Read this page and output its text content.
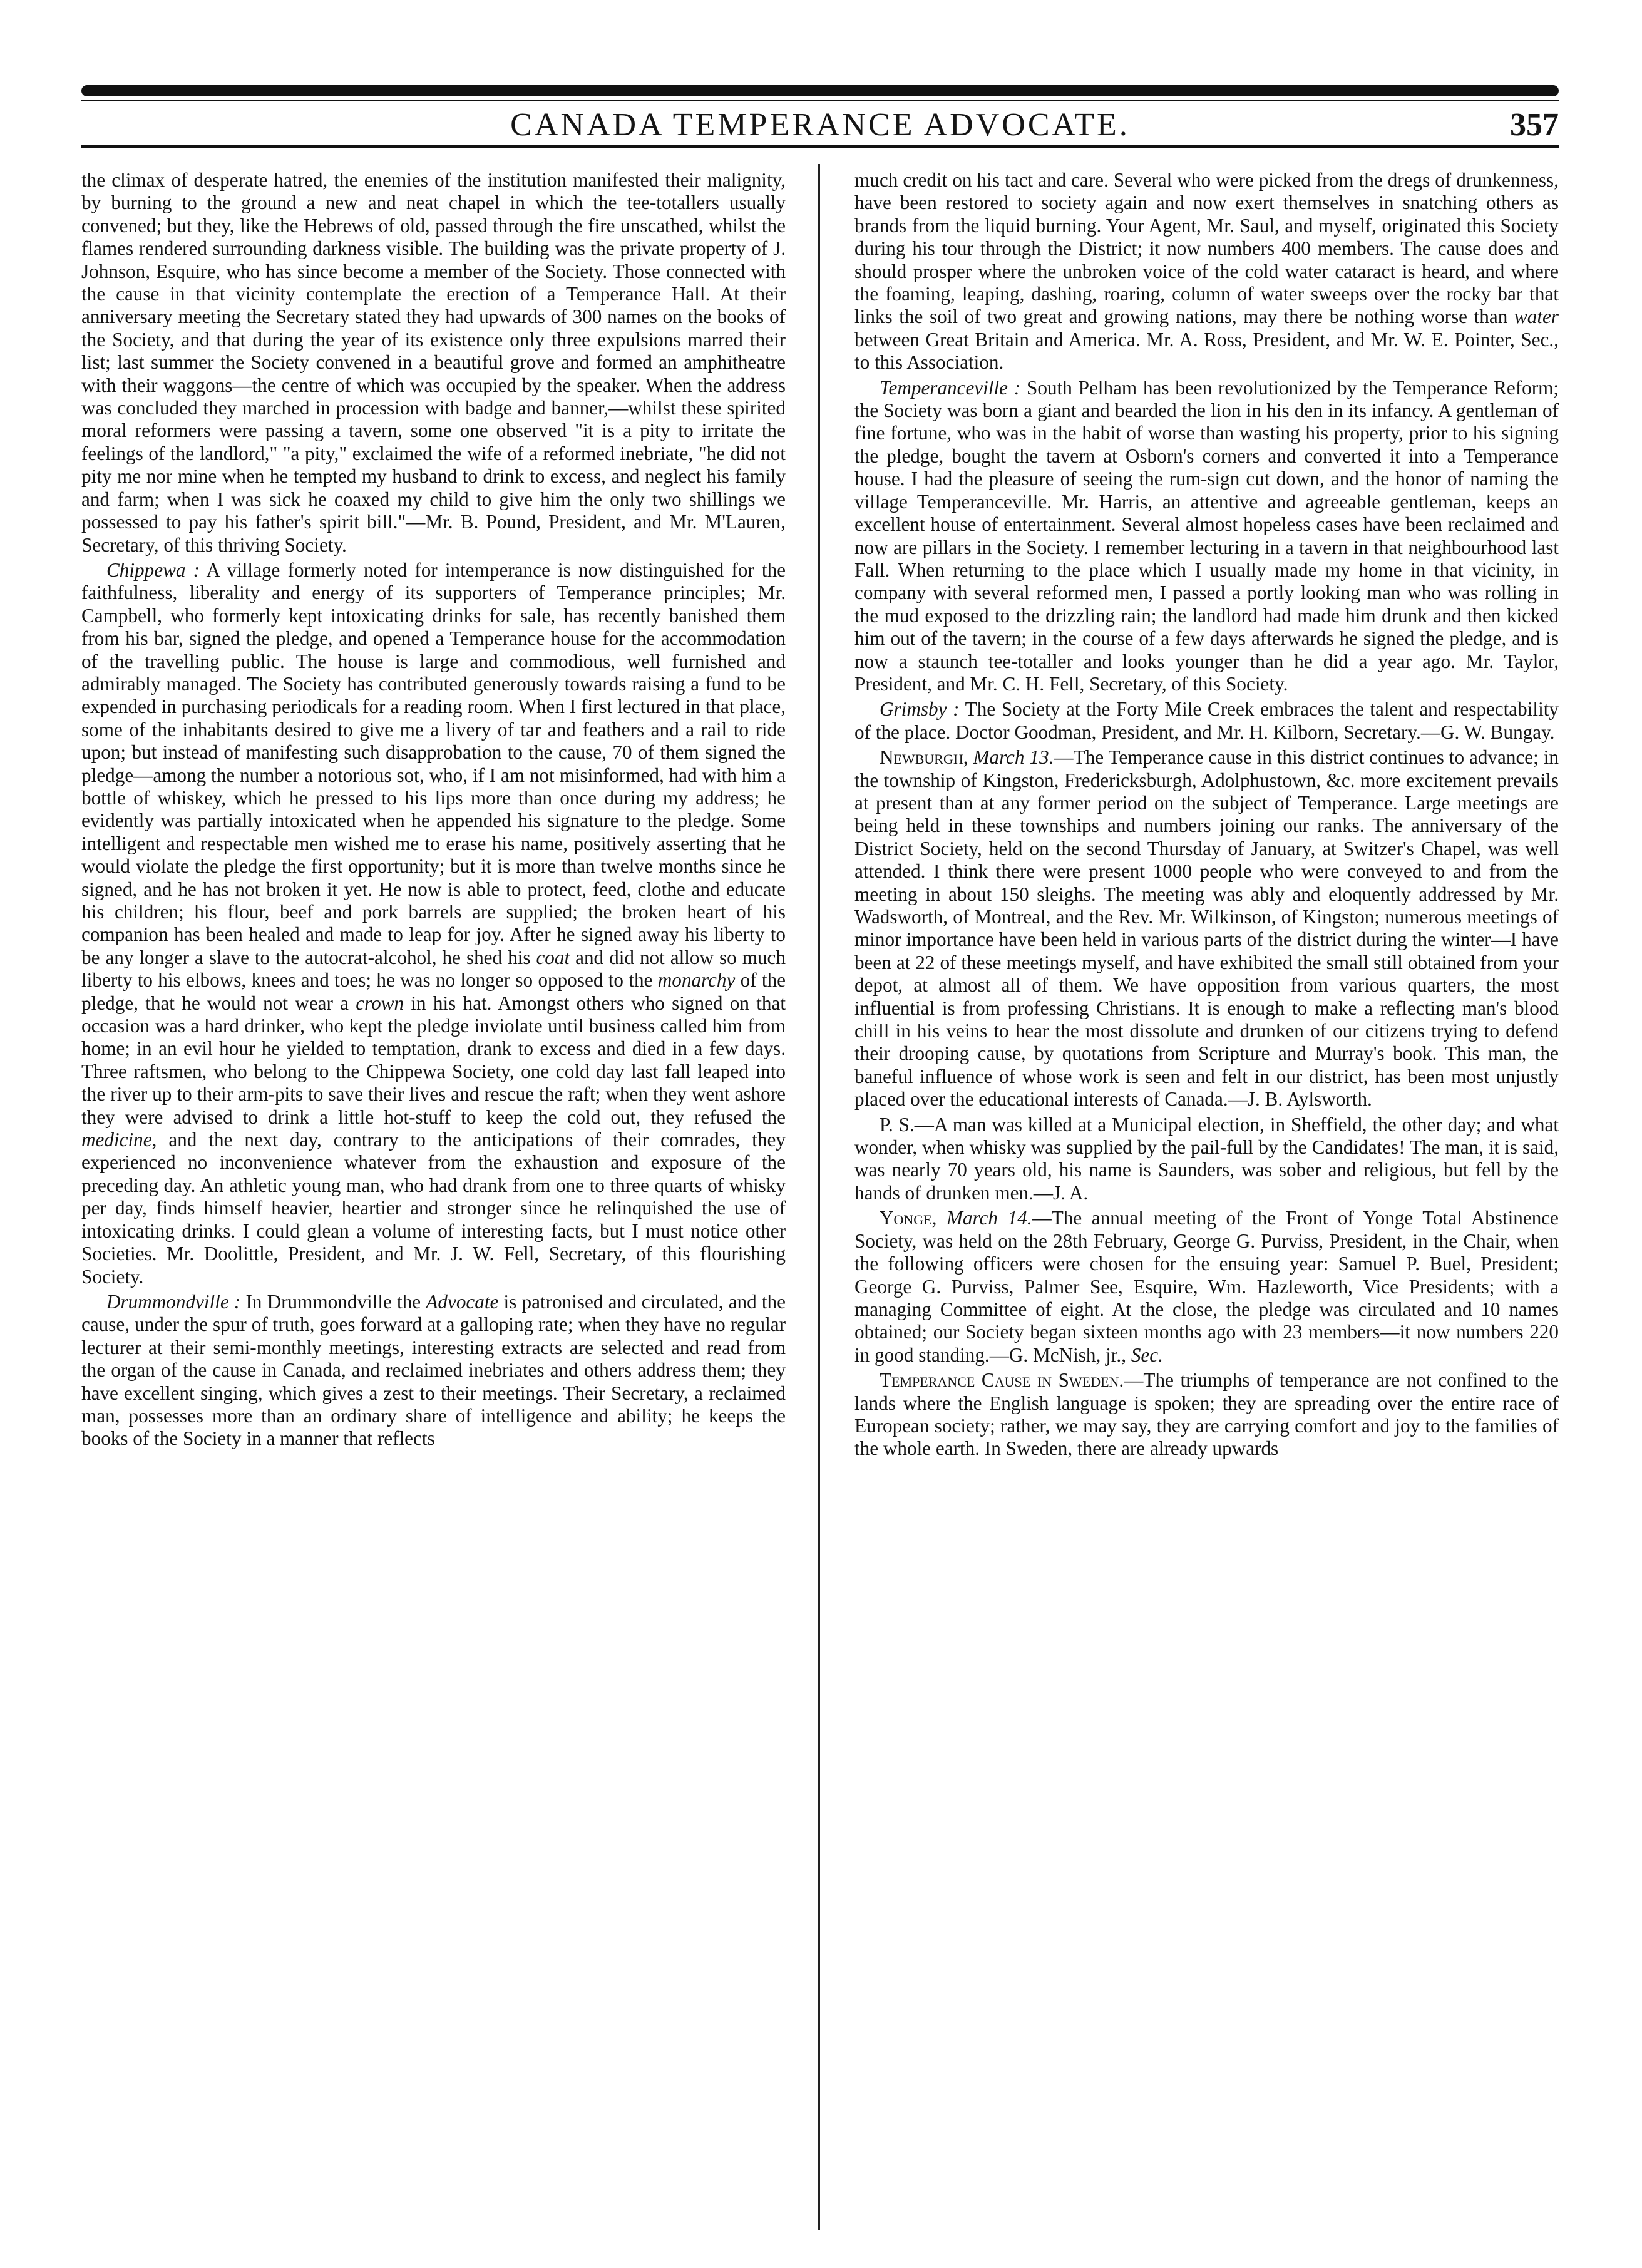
CANADA TEMPERANCE ADVOCATE.	357

the climax of desperate hatred, the enemies of the institution manifested their malignity, by burning to the ground a new and neat chapel in which the tee-totallers usually convened; but they, like the Hebrews of old, passed through the fire unscathed, whilst the flames rendered surrounding darkness visible. The building was the private property of J. Johnson, Esquire, who has since become a member of the Society. Those connected with the cause in that vicinity contemplate the erection of a Temperance Hall. At their anniversary meeting the Secretary stated they had upwards of 300 names on the books of the Society, and that during the year of its existence only three expulsions marred their list; last summer the Society convened in a beautiful grove and formed an amphitheatre with their waggons—the centre of which was occupied by the speaker. When the address was concluded they marched in procession with badge and banner,—whilst these spirited moral reformers were passing a tavern, some one observed "it is a pity to irritate the feelings of the landlord," "a pity," exclaimed the wife of a reformed inebriate, "he did not pity me nor mine when he tempted my husband to drink to excess, and neglect his family and farm; when I was sick he coaxed my child to give him the only two shillings we possessed to pay his father's spirit bill."—Mr. B. Pound, President, and Mr. M'Lauren, Secretary, of this thriving Society.

Chippewa : A village formerly noted for intemperance is now distinguished for the faithfulness, liberality and energy of its supporters of Temperance principles; Mr. Campbell, who formerly kept intoxicating drinks for sale, has recently banished them from his bar, signed the pledge, and opened a Temperance house for the accommodation of the travelling public. The house is large and commodious, well furnished and admirably managed. The Society has contributed generously towards raising a fund to be expended in purchasing periodicals for a reading room. When I first lectured in that place, some of the inhabitants desired to give me a livery of tar and feathers and a rail to ride upon; but instead of manifesting such disapprobation to the cause, 70 of them signed the pledge—among the number a notorious sot, who, if I am not misinformed, had with him a bottle of whiskey, which he pressed to his lips more than once during my address; he evidently was partially intoxicated when he appended his signature to the pledge. Some intelligent and respectable men wished me to erase his name, positively asserting that he would violate the pledge the first opportunity; but it is more than twelve months since he signed, and he has not broken it yet. He now is able to protect, feed, clothe and educate his children; his flour, beef and pork barrels are supplied; the broken heart of his companion has been healed and made to leap for joy. After he signed away his liberty to be any longer a slave to the autocrat-alcohol, he shed his coat and did not allow so much liberty to his elbows, knees and toes; he was no longer so opposed to the monarchy of the pledge, that he would not wear a crown in his hat. Amongst others who signed on that occasion was a hard drinker, who kept the pledge inviolate until business called him from home; in an evil hour he yielded to temptation, drank to excess and died in a few days. Three raftsmen, who belong to the Chippewa Society, one cold day last fall leaped into the river up to their arm-pits to save their lives and rescue the raft; when they went ashore they were advised to drink a little hot-stuff to keep the cold out, they refused the medicine, and the next day, contrary to the anticipations of their comrades, they experienced no inconvenience whatever from the exhaustion and exposure of the preceding day. An athletic young man, who had drank from one to three quarts of whisky per day, finds himself heavier, heartier and stronger since he relinquished the use of intoxicating drinks. I could glean a volume of interesting facts, but I must notice other Societies. Mr. Doolittle, President, and Mr. J. W. Fell, Secretary, of this flourishing Society.

Drummondville : In Drummondville the Advocate is patronised and circulated, and the cause, under the spur of truth, goes forward at a galloping rate; when they have no regular lecturer at their semi-monthly meetings, interesting extracts are selected and read from the organ of the cause in Canada, and reclaimed inebriates and others address them; they have excellent singing, which gives a zest to their meetings. Their Secretary, a reclaimed man, possesses more than an ordinary share of intelligence and ability; he keeps the books of the Society in a manner that reflects

much credit on his tact and care. Several who were picked from the dregs of drunkenness, have been restored to society again and now exert themselves in snatching others as brands from the liquid burning. Your Agent, Mr. Saul, and myself, originated this Society during his tour through the District; it now numbers 400 members. The cause does and should prosper where the unbroken voice of the cold water cataract is heard, and where the foaming, leaping, dashing, roaring, column of water sweeps over the rocky bar that links the soil of two great and growing nations, may there be nothing worse than water between Great Britain and America. Mr. A. Ross, President, and Mr. W. E. Pointer, Sec., to this Association.

Temperanceville : South Pelham has been revolutionized by the Temperance Reform; the Society was born a giant and bearded the lion in his den in its infancy. A gentleman of fine fortune, who was in the habit of worse than wasting his property, prior to his signing the pledge, bought the tavern at Osborn's corners and converted it into a Temperance house. I had the pleasure of seeing the rum-sign cut down, and the honor of naming the village Temperanceville. Mr. Harris, an attentive and agreeable gentleman, keeps an excellent house of entertainment. Several almost hopeless cases have been reclaimed and now are pillars in the Society. I remember lecturing in a tavern in that neighbourhood last Fall. When returning to the place which I usually made my home in that vicinity, in company with several reformed men, I passed a portly looking man who was rolling in the mud exposed to the drizzling rain; the landlord had made him drunk and then kicked him out of the tavern; in the course of a few days afterwards he signed the pledge, and is now a staunch tee-totaller and looks younger than he did a year ago. Mr. Taylor, President, and Mr. C. H. Fell, Secretary, of this Society.

Grimsby : The Society at the Forty Mile Creek embraces the talent and respectability of the place. Doctor Goodman, President, and Mr. H. Kilborn, Secretary.—G. W. Bungay.

Newburgh, March 13.—The Temperance cause in this district continues to advance; in the township of Kingston, Fredericksburgh, Adolphustown, &c. more excitement prevails at present than at any former period on the subject of Temperance. Large meetings are being held in these townships and numbers joining our ranks. The anniversary of the District Society, held on the second Thursday of January, at Switzer's Chapel, was well attended. I think there were present 1000 people who were conveyed to and from the meeting in about 150 sleighs. The meeting was ably and eloquently addressed by Mr. Wadsworth, of Montreal, and the Rev. Mr. Wilkinson, of Kingston; numerous meetings of minor importance have been held in various parts of the district during the winter—I have been at 22 of these meetings myself, and have exhibited the small still obtained from your depot, at almost all of them. We have opposition from various quarters, the most influential is from professing Christians. It is enough to make a reflecting man's blood chill in his veins to hear the most dissolute and drunken of our citizens trying to defend their drooping cause, by quotations from Scripture and Murray's book. This man, the baneful influence of whose work is seen and felt in our district, has been most unjustly placed over the educational interests of Canada.—J. B. Aylsworth.

P. S.—A man was killed at a Municipal election, in Sheffield, the other day; and what wonder, when whisky was supplied by the pail-full by the Candidates! The man, it is said, was nearly 70 years old, his name is Saunders, was sober and religious, but fell by the hands of drunken men.—J. A.

Yonge, March 14.—The annual meeting of the Front of Yonge Total Abstinence Society, was held on the 28th February, George G. Purviss, President, in the Chair, when the following officers were chosen for the ensuing year: Samuel P. Buel, President; George G. Purviss, Palmer See, Esquire, Wm. Hazleworth, Vice Presidents; with a managing Committee of eight. At the close, the pledge was circulated and 10 names obtained; our Society began sixteen months ago with 23 members—it now numbers 220 in good standing.—G. McNish, jr., Sec.

Temperance Cause in Sweden.—The triumphs of temperance are not confined to the lands where the English language is spoken; they are spreading over the entire race of European society; rather, we may say, they are carrying comfort and joy to the families of the whole earth. In Sweden, there are already upwards
